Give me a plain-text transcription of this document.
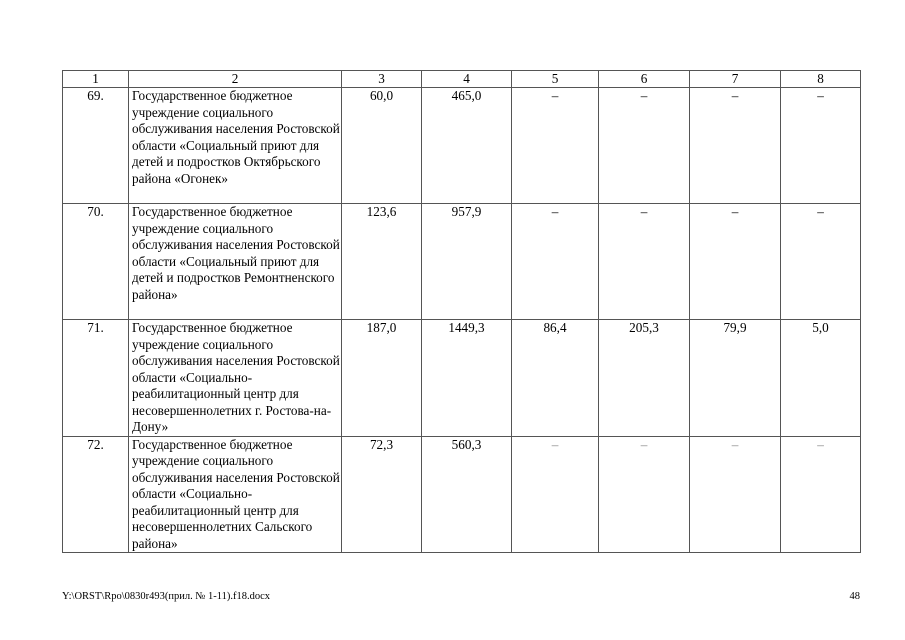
1	2	3	4	5	6	7	8
69.	Государственное бюджетное учреждение социального обслуживания населения Ростовской области «Социальный приют для детей и подростков Октябрьского района «Огонек»	60,0	465,0	–	–	–	–
70.	Государственное бюджетное учреждение социального обслуживания населения Ростовской области «Социальный приют для детей и подростков Ремонтненского района»	123,6	957,9	–	–	–	–
71.	Государственное бюджетное учреждение социального обслуживания населения Ростовской области «Социально-реабилитационный центр для несовершеннолетних г. Ростова-на-Дону»	187,0	1449,3	86,4	205,3	79,9	5,0
72.	Государственное бюджетное учреждение социального обслуживания населения Ростовской области «Социально-реабилитационный центр для несовершеннолетних Сальского района»	72,3	560,3	–	–	–	–
Y:\ORST\Rpo\0830r493(прил. № 1-11).f18.docx	48
